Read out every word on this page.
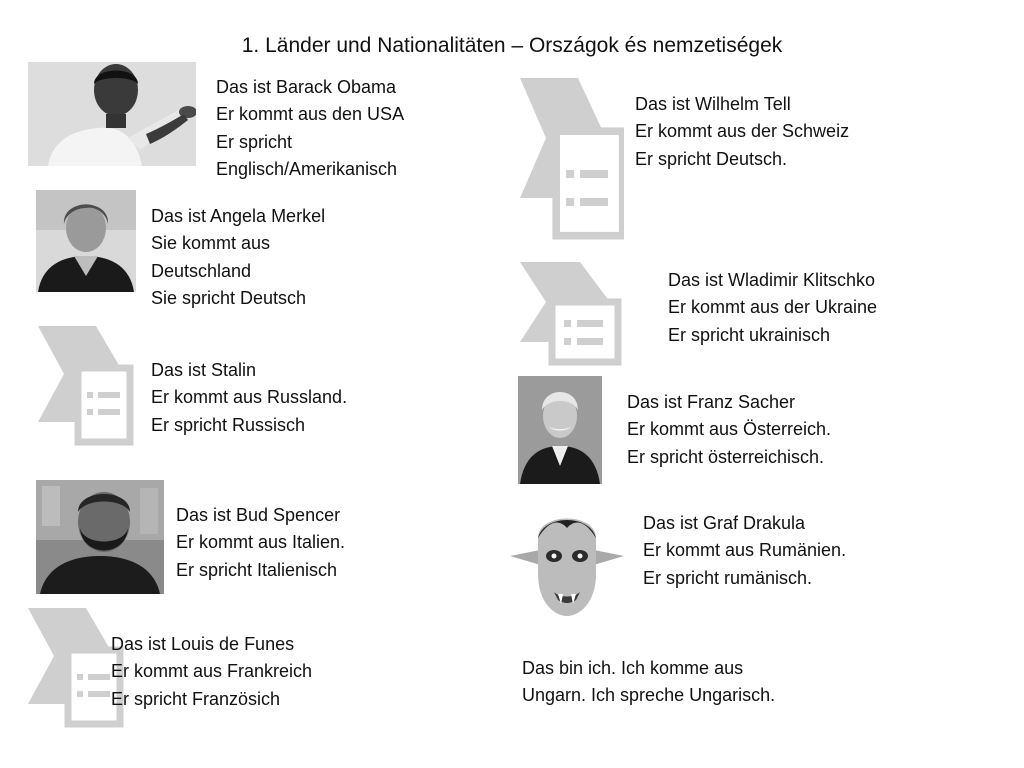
1. Länder und Nationalitäten – Országok és nemzetiségek
Das ist Barack Obama
Er kommt aus den USA
Er spricht
Englisch/Amerikanisch
Das ist Angela Merkel
Sie kommt aus
Deutschland
Sie spricht Deutsch
Das ist Stalin
Er kommt aus Russland.
Er spricht Russisch
Das ist Bud Spencer
Er kommt aus Italien.
Er spricht Italienisch
Das ist Louis de Funes
Er kommt aus Frankreich
Er spricht Französich
Das ist Wilhelm Tell
Er kommt aus der Schweiz
Er spricht Deutsch.
Das ist Wladimir Klitschko
Er kommt aus der Ukraine
Er spricht ukrainisch
Das ist Franz Sacher
Er kommt aus Österreich.
Er spricht österreichisch.
Das ist Graf Drakula
Er kommt aus Rumänien.
Er spricht rumänisch.
Das bin ich. Ich komme aus
Ungarn. Ich spreche Ungarisch.
